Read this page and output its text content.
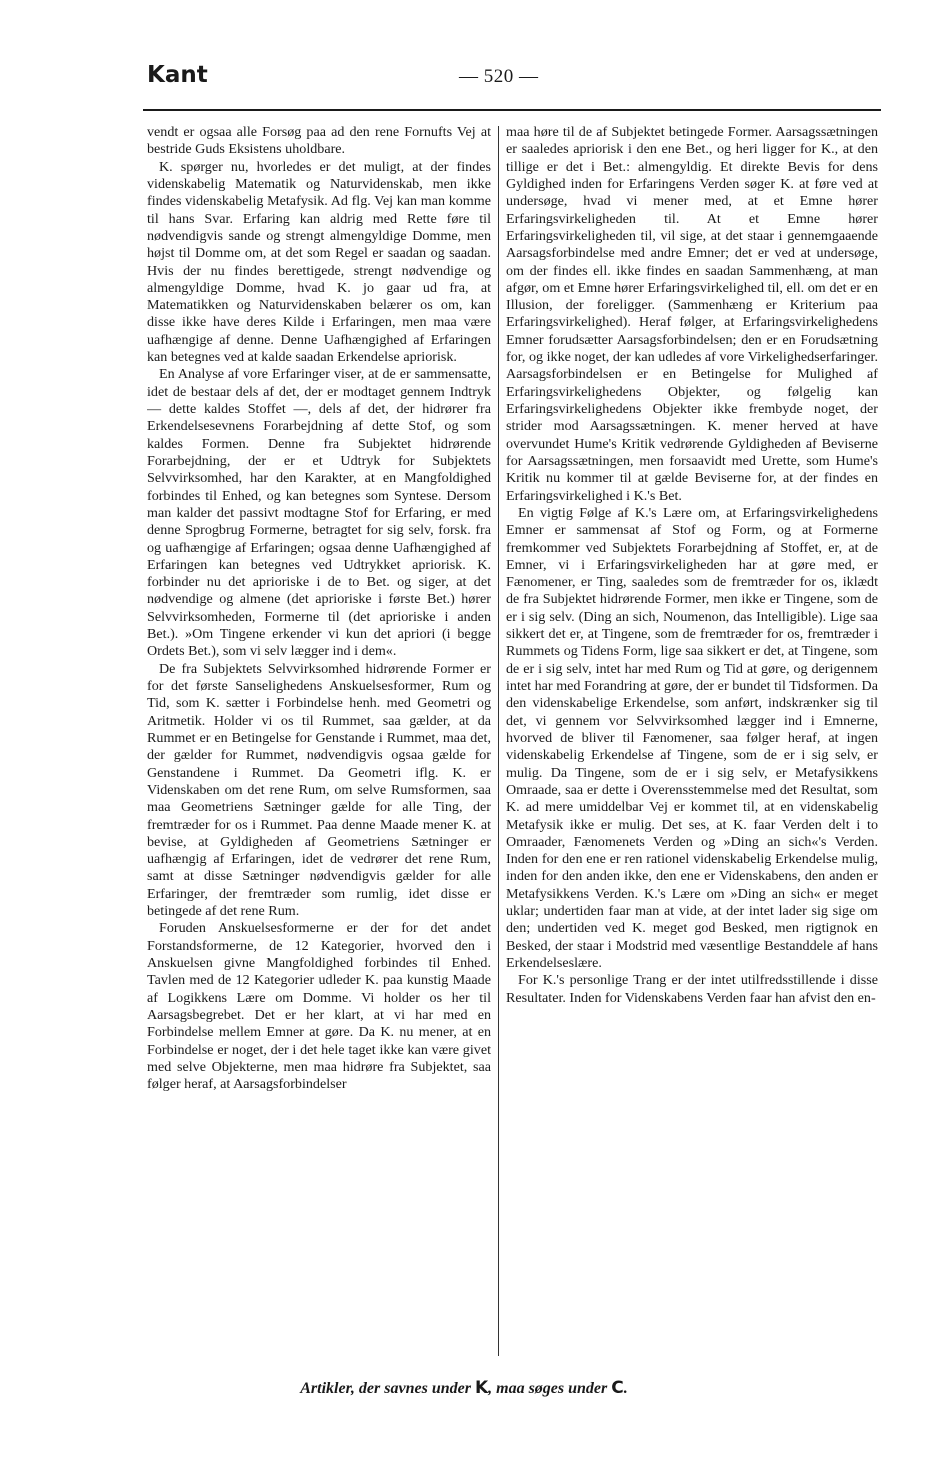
Kant	— 520 —

vendt er ogsaa alle Forsøg paa ad den rene Fornufts Vej at bestride Guds Eksistens uholdbare.

K. spørger nu, hvorledes er det muligt, at der findes videnskabelig Matematik og Naturvidenskab, men ikke findes videnskabelig Metafysik. Ad flg. Vej kan man komme til hans Svar. Erfaring kan aldrig med Rette føre til nødvendigvis sande og strengt almengyldige Domme, men højst til Domme om, at det som Regel er saadan og saadan. Hvis der nu findes berettigede, strengt nødvendige og almengyldige Domme, hvad K. jo gaar ud fra, at Matematikken og Naturvidenskaben belærer os om, kan disse ikke have deres Kilde i Erfaringen, men maa være uafhængige af denne. Denne Uafhængighed af Erfaringen kan betegnes ved at kalde saadan Erkendelse apriorisk.

En Analyse af vore Erfaringer viser, at de er sammensatte, idet de bestaar dels af det, der er modtaget gennem Indtryk — dette kaldes Stoffet —, dels af det, der hidrører fra Erkendelsesevnens Forarbejdning af dette Stof, og som kaldes Formen. Denne fra Subjektet hidrørende Forarbejdning, der er et Udtryk for Subjektets Selvvirksomhed, har den Karakter, at en Mangfoldighed forbindes til Enhed, og kan betegnes som Syntese. Dersom man kalder det passivt modtagne Stof for Erfaring, er med denne Sprogbrug Formerne, betragtet for sig selv, forsk. fra og uafhængige af Erfaringen; ogsaa denne Uafhængighed af Erfaringen kan betegnes ved Udtrykket apriorisk. K. forbinder nu det aprioriske i de to Bet. og siger, at det nødvendige og almene (det aprioriske i første Bet.) hører Selvvirksomheden, Formerne til (det aprioriske i anden Bet.). »Om Tingene erkender vi kun det apriori (i begge Ordets Bet.), som vi selv lægger ind i dem«.

De fra Subjektets Selvvirksomhed hidrørende Former er for det første Sanselighedens Anskuelsesformer, Rum og Tid, som K. sætter i Forbindelse henh. med Geometri og Aritmetik. Holder vi os til Rummet, saa gælder, at da Rummet er en Betingelse for Genstande i Rummet, maa det, der gælder for Rummet, nødvendigvis ogsaa gælde for Genstandene i Rummet. Da Geometri iflg. K. er Videnskaben om det rene Rum, om selve Rumsformen, saa maa Geometriens Sætninger gælde for alle Ting, der fremtræder for os i Rummet. Paa denne Maade mener K. at bevise, at Gyldigheden af Geometriens Sætninger er uafhængig af Erfaringen, idet de vedrører det rene Rum, samt at disse Sætninger nødvendigvis gælder for alle Erfaringer, der fremtræder som rumlig, idet disse er betingede af det rene Rum.

Foruden Anskuelsesformerne er der for det andet Forstandsformerne, de 12 Kategorier, hvorved den i Anskuelsen givne Mangfoldighed forbindes til Enhed. Tavlen med de 12 Kategorier udleder K. paa kunstig Maade af Logikkens Lære om Domme. Vi holder os her til Aarsagsbegrebet. Det er her klart, at vi har med en Forbindelse mellem Emner at gøre. Da K. nu mener, at en Forbindelse er noget, der i det hele taget ikke kan være givet med selve Objekterne, men maa hidrøre fra Subjektet, saa følger heraf, at Aarsagsforbindelser

maa høre til de af Subjektet betingede Former. Aarsagssætningen er saaledes apriorisk i den ene Bet., og heri ligger for K., at den tillige er det i Bet.: almengyldig. Et direkte Bevis for dens Gyldighed inden for Erfaringens Verden søger K. at føre ved at undersøge, hvad vi mener med, at et Emne hører Erfaringsvirkeligheden til. At et Emne hører Erfaringsvirkeligheden til, vil sige, at det staar i gennemgaaende Aarsagsforbindelse med andre Emner; det er ved at undersøge, om der findes ell. ikke findes en saadan Sammenhæng, at man afgør, om et Emne hører Erfaringsvirkelighed til, ell. om det er en Illusion, der foreligger. (Sammenhæng er Kriterium paa Erfaringsvirkelighed). Heraf følger, at Erfaringsvirkelighedens Emner forudsætter Aarsagsforbindelsen; den er en Forudsætning for, og ikke noget, der kan udledes af vore Virkelighedserfaringer. Aarsagsforbindelsen er en Betingelse for Mulighed af Erfaringsvirkelighedens Objekter, og følgelig kan Erfaringsvirkelighedens Objekter ikke frembyde noget, der strider mod Aarsagssætningen. K. mener herved at have overvundet Hume's Kritik vedrørende Gyldigheden af Beviserne for Aarsagssætningen, men forsaavidt med Urette, som Hume's Kritik nu kommer til at gælde Beviserne for, at der findes en Erfaringsvirkelighed i K.'s Bet.

En vigtig Følge af K.'s Lære om, at Erfaringsvirkelighedens Emner er sammensat af Stof og Form, og at Formerne fremkommer ved Subjektets Forarbejdning af Stoffet, er, at de Emner, vi i Erfaringsvirkeligheden har at gøre med, er Fænomener, er Ting, saaledes som de fremtræder for os, iklædt de fra Subjektet hidrørende Former, men ikke er Tingene, som de er i sig selv. (Ding an sich, Noumenon, das Intelligible). Lige saa sikkert det er, at Tingene, som de fremtræder for os, fremtræder i Rummets og Tidens Form, lige saa sikkert er det, at Tingene, som de er i sig selv, intet har med Rum og Tid at gøre, og derigennem intet har med Forandring at gøre, der er bundet til Tidsformen. Da den videnskabelige Erkendelse, som anført, indskrænker sig til det, vi gennem vor Selvvirksomhed lægger ind i Emnerne, hvorved de bliver til Fænomener, saa følger heraf, at ingen videnskabelig Erkendelse af Tingene, som de er i sig selv, er mulig. Da Tingene, som de er i sig selv, er Metafysikkens Omraade, saa er dette i Overensstemmelse med det Resultat, som K. ad mere umiddelbar Vej er kommet til, at en videnskabelig Metafysik ikke er mulig. Det ses, at K. faar Verden delt i to Omraader, Fænomenets Verden og »Ding an sich«'s Verden. Inden for den ene er ren rationel videnskabelig Erkendelse mulig, inden for den anden ikke, den ene er Videnskabens, den anden er Metafysikkens Verden. K.'s Lære om »Ding an sich« er meget uklar; undertiden faar man at vide, at der intet lader sig sige om den; undertiden ved K. meget god Besked, men rigtignok en Besked, der staar i Modstrid med væsentlige Bestanddele af hans Erkendelseslære.

For K.'s personlige Trang er der intet utilfredsstillende i disse Resultater. Inden for Videnskabens Verden faar han afvist den en-

Artikler, der savnes under K, maa søges under C.
